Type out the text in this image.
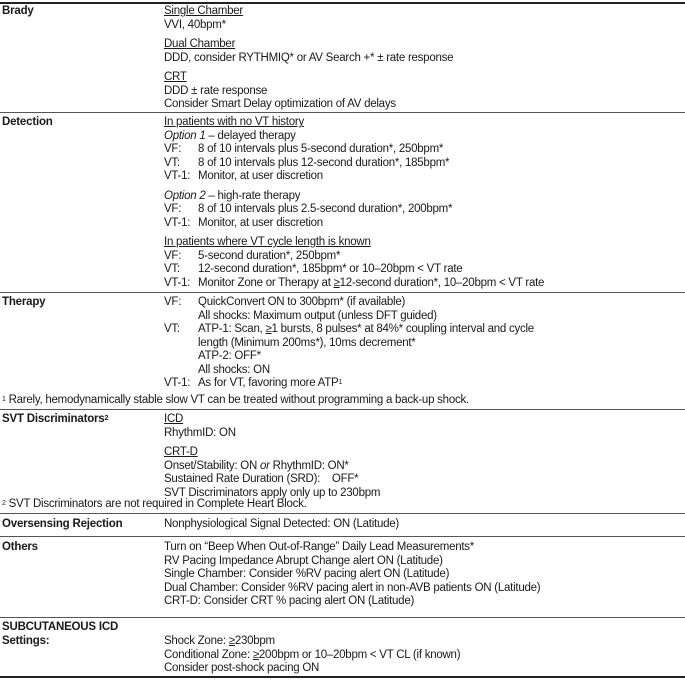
Brady	Single Chamber
VVI, 40bpm*
Dual Chamber
DDD, consider RYTHMIQ* or AV Search +* ± rate response
CRT
DDD ± rate response
Consider Smart Delay optimization of AV delays
Detection	In patients with no VT history
Option 1 – delayed therapy
VF:	8 of 10 intervals plus 5-second duration*, 250bpm*
VT:	8 of 10 intervals plus 12-second duration*, 185bpm*
VT-1: Monitor, at user discretion
Option 2 – high-rate therapy
VF:	8 of 10 intervals plus 2.5-second duration*, 200bpm*
VT-1: Monitor, at user discretion
In patients where VT cycle length is known
VF:	5-second duration*, 250bpm*
VT:	12-second duration*, 185bpm* or 10–20bpm < VT rate
VT-1: Monitor Zone or Therapy at ≥12-second duration*, 10–20bpm < VT rate
Therapy	VF:	QuickConvert ON to 300bpm* (if available)
All shocks: Maximum output (unless DFT guided)
VT:	ATP-1: Scan, ≥1 bursts, 8 pulses* at 84%* coupling interval and cycle
length (Minimum 200ms*), 10ms decrement*
ATP-2: OFF*
All shocks: ON
VT-1: As for VT, favoring more ATP$^1$
$^1$ Rarely, hemodynamically stable slow VT can be treated without programming a back-up shock.
SVT Discriminators$^2$	ICD
RhythmID: ON
CRT-D
Onset/Stability: ON or RhythmID: ON*
Sustained Rate Duration (SRD):    OFF*
SVT Discriminators apply only up to 230bpm
$^2$ SVT Discriminators are not required in Complete Heart Block.
Oversensing Rejection	Nonphysiological Signal Detected: ON (Latitude)
Others	Turn on “Beep When Out-of-Range” Daily Lead Measurements*
RV Pacing Impedance Abrupt Change alert ON (Latitude)
Single Chamber: Consider %RV pacing alert ON (Latitude)
Dual Chamber: Consider %RV pacing alert in non-AVB patients ON (Latitude)
CRT-D: Consider CRT % pacing alert ON (Latitude)
SUBCUTANEOUS ICD
Settings:	Shock Zone: ≥230bpm
Conditional Zone: ≥200bpm or 10–20bpm < VT CL (if known)
Consider post-shock pacing ON
